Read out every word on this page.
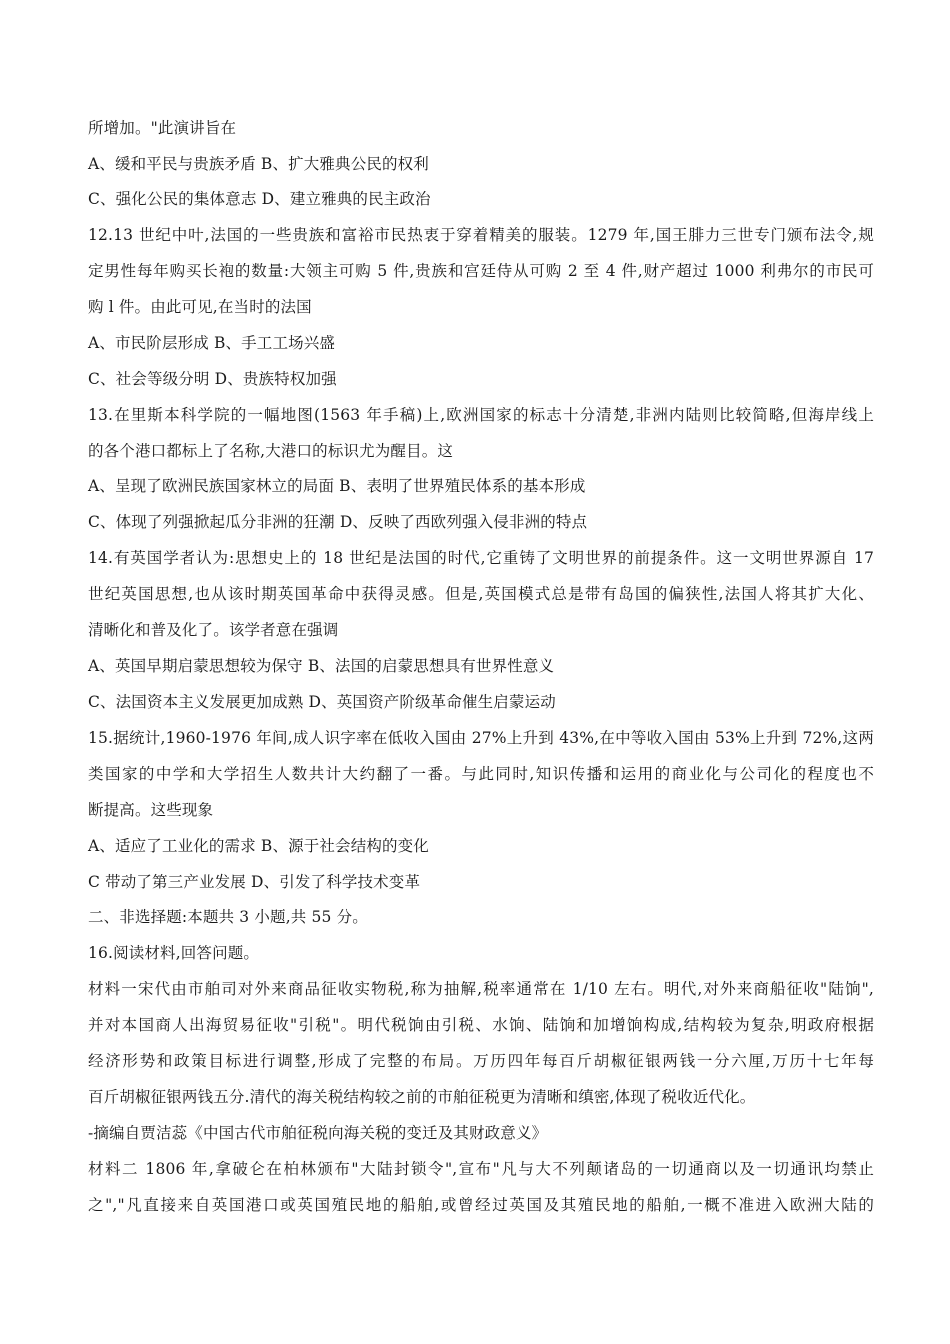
所增加。"此演讲旨在
A、缓和平民与贵族矛盾 B、扩大雅典公民的权利
C、强化公民的集体意志 D、建立雅典的民主政治
12.13 世纪中叶,法国的一些贵族和富裕市民热衷于穿着精美的服装。1279 年,国王腓力三世专门颁布法令,规
定男性每年购买长袍的数量:大领主可购 5 件,贵族和宫廷侍从可购 2 至 4 件,财产超过 1000 利弗尔的市民可
购 l 件。由此可见,在当时的法国
A、市民阶层形成 B、手工工场兴盛
C、社会等级分明 D、贵族特权加强
13.在里斯本科学院的一幅地图(1563 年手稿)上,欧洲国家的标志十分清楚,非洲内陆则比较简略,但海岸线上
的各个港口都标上了名称,大港口的标识尤为醒目。这
A、呈现了欧洲民族国家林立的局面 B、表明了世界殖民体系的基本形成
C、体现了列强掀起瓜分非洲的狂潮 D、反映了西欧列强入侵非洲的特点
14.有英国学者认为:思想史上的 18 世纪是法国的时代,它重铸了文明世界的前提条件。这一文明世界源自 17
世纪英国思想,也从该时期英国革命中获得灵感。但是,英国模式总是带有岛国的偏狭性,法国人将其扩大化、
清晰化和普及化了。该学者意在强调
A、英国早期启蒙思想较为保守 B、法国的启蒙思想具有世界性意义
C、法国资本主义发展更加成熟 D、英国资产阶级革命催生启蒙运动
15.据统计,1960-1976 年间,成人识字率在低收入国由 27%上升到 43%,在中等收入国由 53%上升到 72%,这两
类国家的中学和大学招生人数共计大约翻了一番。与此同时,知识传播和运用的商业化与公司化的程度也不
断提高。这些现象
A、适应了工业化的需求 B、源于社会结构的变化
C 带动了第三产业发展 D、引发了科学技术变革
二、非选择题:本题共 3 小题,共 55 分。
16.阅读材料,回答问题。
材料一宋代由市舶司对外来商品征收实物税,称为抽解,税率通常在 1/10 左右。明代,对外来商船征收"陆饷",
并对本国商人出海贸易征收"引税"。明代税饷由引税、水饷、陆饷和加增饷构成,结构较为复杂,明政府根据
经济形势和政策目标进行调整,形成了完整的布局。万历四年每百斤胡椒征银两钱一分六厘,万历十七年每
百斤胡椒征银两钱五分.清代的海关税结构较之前的市舶征税更为清晰和缜密,体现了税收近代化。
-摘编自贾洁蕊《中国古代市舶征税向海关税的变迁及其财政意义》
材料二 1806 年,拿破仑在柏林颁布"大陆封锁令",宣布"凡与大不列颠诸岛的一切通商以及一切通讯均禁止
之","凡直接来自英国港口或英国殖民地的船舶,或曾经过英国及其殖民地的船舶,一概不准进入欧洲大陆的
